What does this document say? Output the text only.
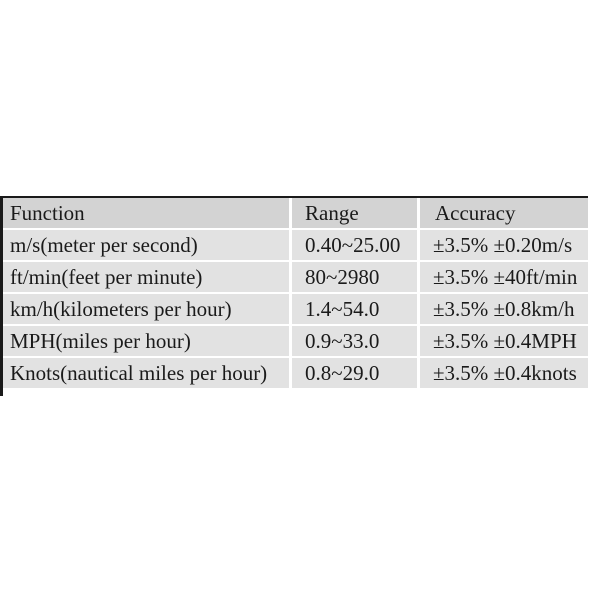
Function	Range	Accuracy
m/s(meter per second)	0.40~25.00	±3.5% ±0.20m/s
ft/min(feet per minute)	80~2980	±3.5% ±40ft/min
km/h(kilometers per hour)	1.4~54.0	±3.5% ±0.8km/h
MPH(miles per hour)	0.9~33.0	±3.5% ±0.4MPH
Knots(nautical miles per hour)	0.8~29.0	±3.5% ±0.4knots
